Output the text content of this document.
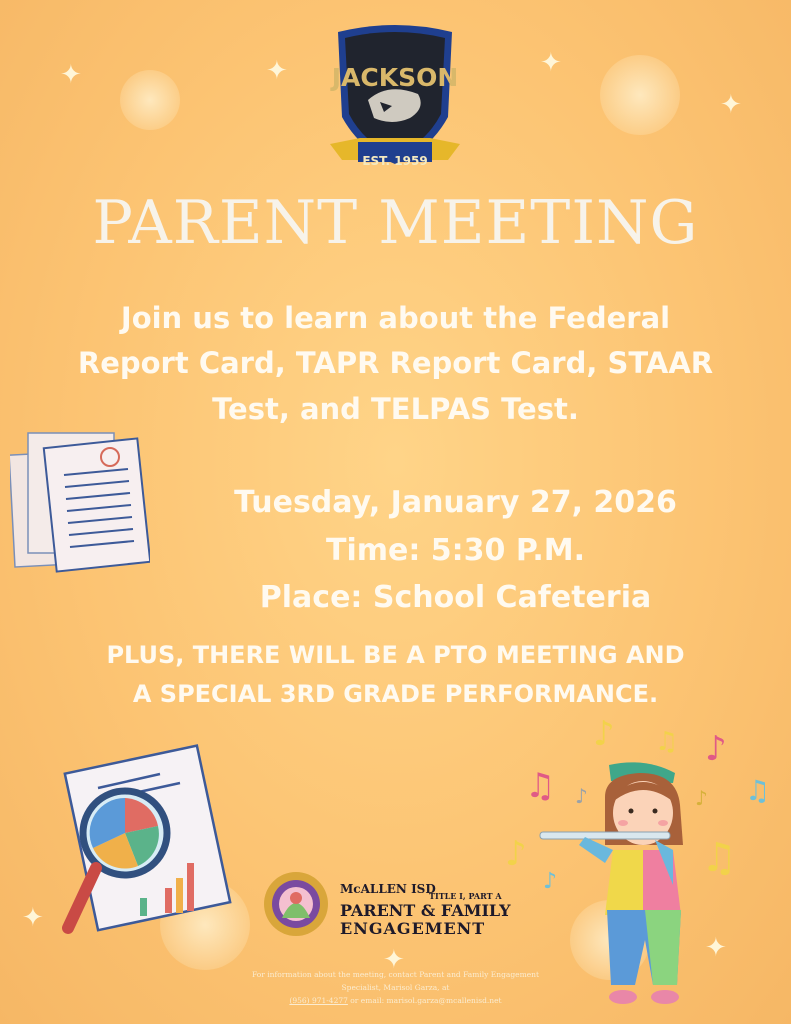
✦	✦	✦
✦
✦
✦
✦
JACKSON
EST. 1959
PARENT MEETING
Join us to learn about the Federal
Report Card, TAPR Report Card, STAAR
Test, and TELPAS Test.
Tuesday, January 27, 2026
Time: 5:30 P.M.
Place: School Cafeteria
PLUS, THERE WILL BE A PTO MEETING AND
A SPECIAL 3RD GRADE PERFORMANCE.
♪ ♫ ♪
♫	♫
♪	♪
♪
♪
♫
McALLEN ISD
TITLE I, PART A
PARENT & FAMILY
ENGAGEMENT
For information about the meeting, contact Parent and Family Engagement
Specialist, Marisol Garza, at
(956) 971-4277 or email: marisol.garza@mcallenisd.net
